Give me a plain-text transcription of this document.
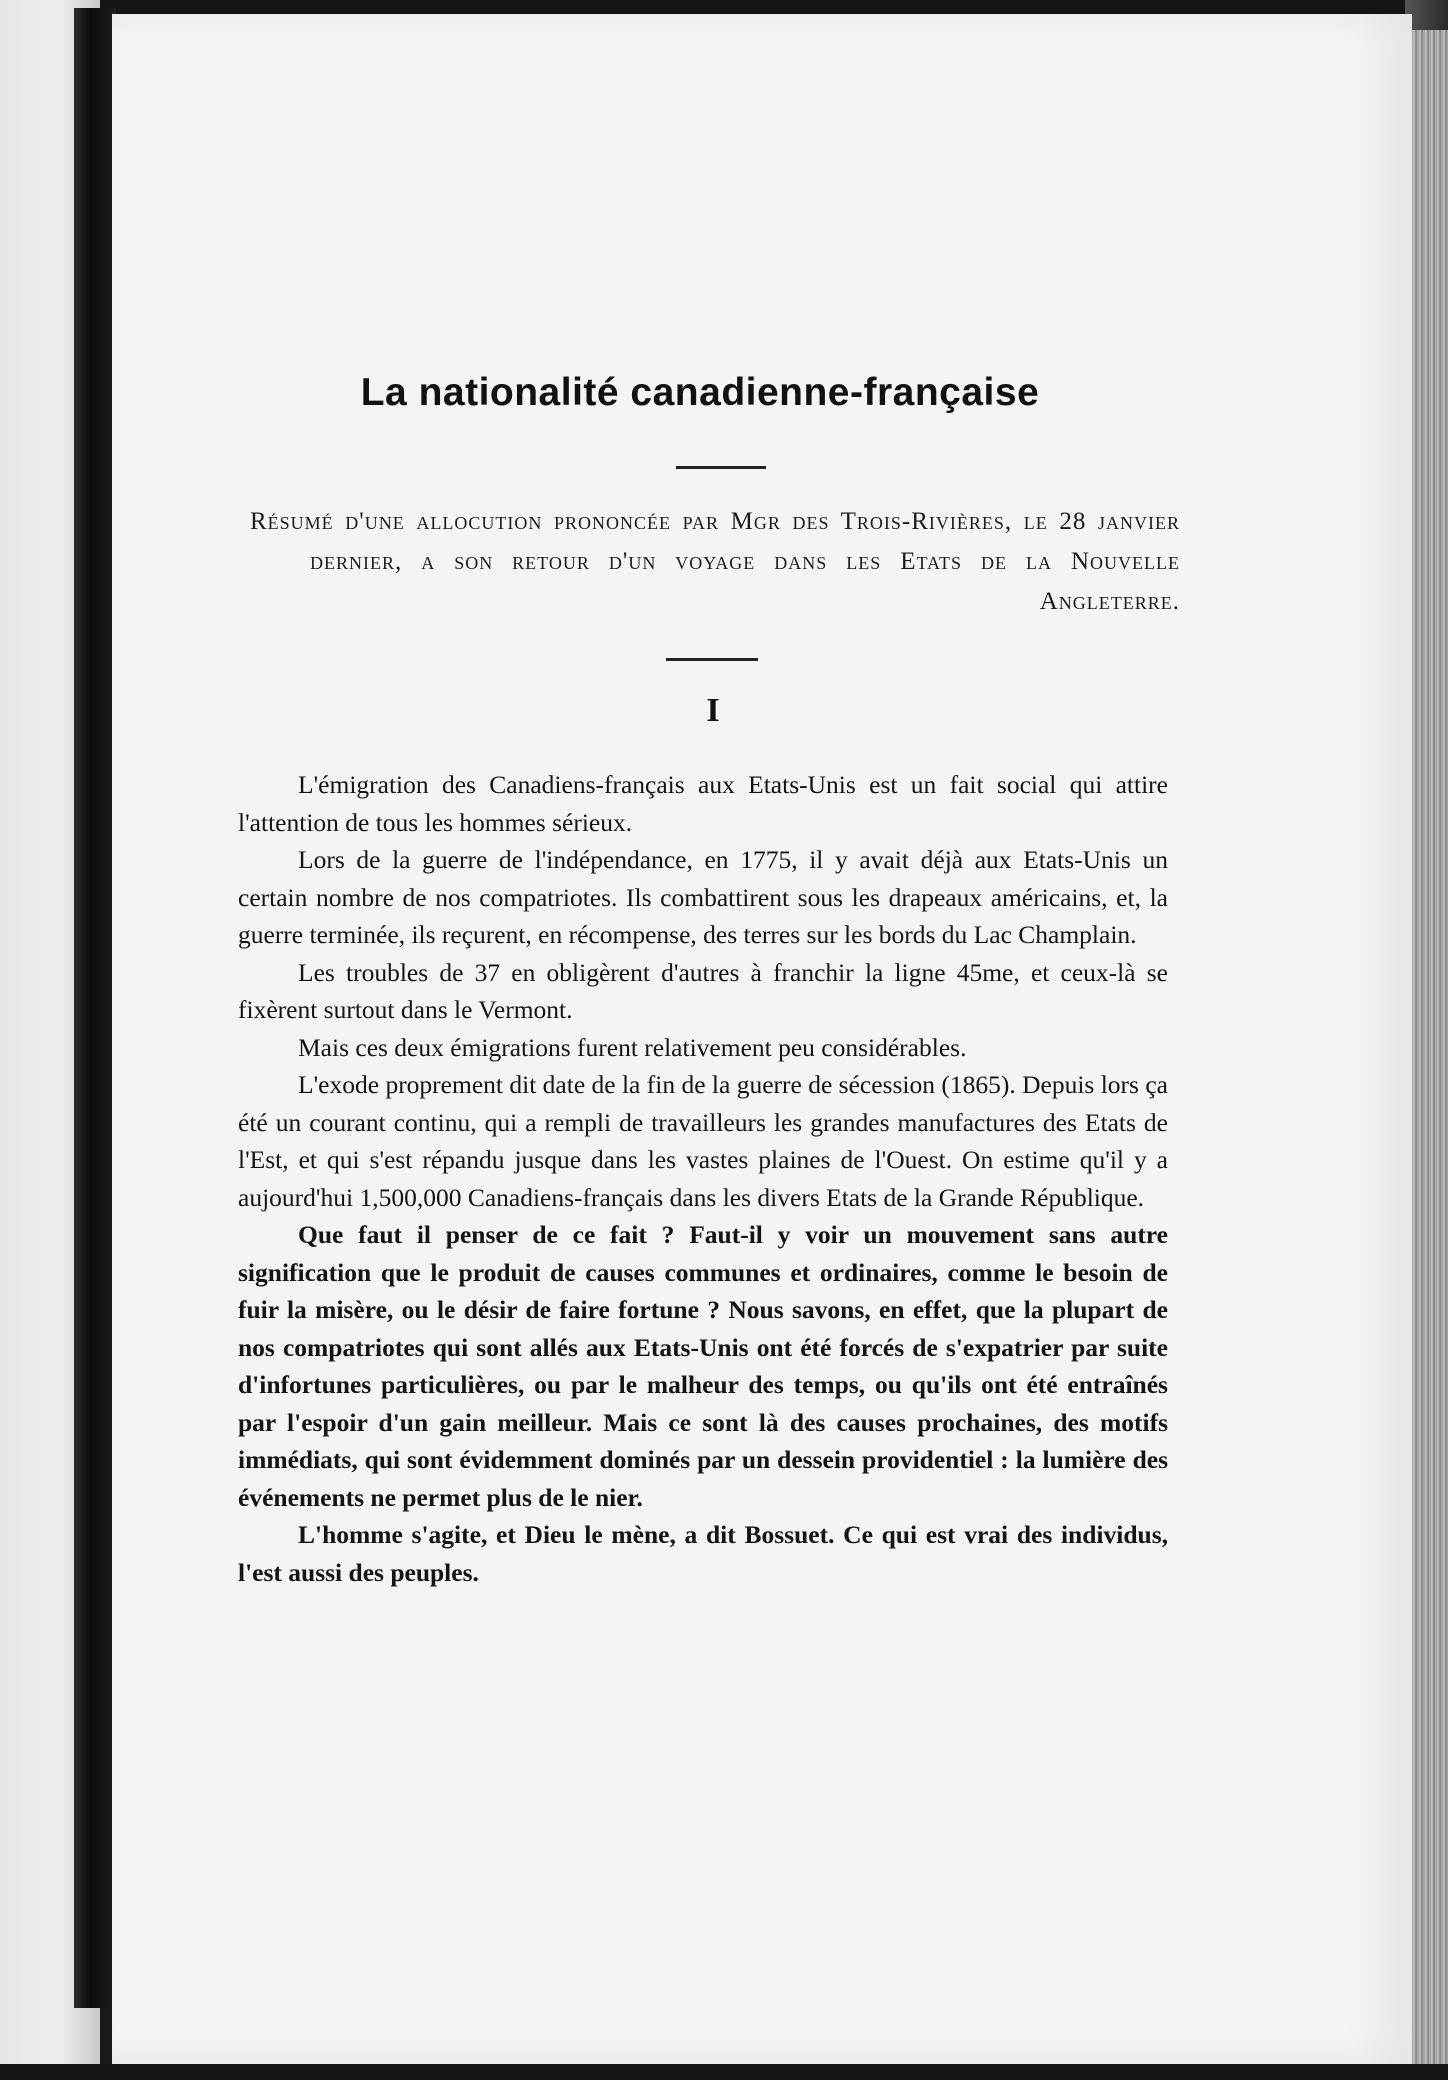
La nationalité canadienne-française

Résumé d'une allocution prononcée par Mgr des Trois-Rivières, le 28 janvier dernier, a son retour d'un voyage dans les Etats de la Nouvelle Angleterre.

I

L'émigration des Canadiens-français aux Etats-Unis est un fait social qui attire l'attention de tous les hommes sérieux.

Lors de la guerre de l'indépendance, en 1775, il y avait déjà aux Etats-Unis un certain nombre de nos compatriotes. Ils combattirent sous les drapeaux américains, et, la guerre terminée, ils reçurent, en récompense, des terres sur les bords du Lac Champlain.

Les troubles de 37 en obligèrent d'autres à franchir la ligne 45me, et ceux-là se fixèrent surtout dans le Vermont.

Mais ces deux émigrations furent relativement peu considérables.

L'exode proprement dit date de la fin de la guerre de sécession (1865). Depuis lors ça été un courant continu, qui a rempli de travailleurs les grandes manufactures des Etats de l'Est, et qui s'est répandu jusque dans les vastes plaines de l'Ouest. On estime qu'il y a aujourd'hui 1,500,000 Canadiens-français dans les divers Etats de la Grande République.

Que faut il penser de ce fait ? Faut-il y voir un mouvement sans autre signification que le produit de causes communes et ordinaires, comme le besoin de fuir la misère, ou le désir de faire fortune ? Nous savons, en effet, que la plupart de nos compatriotes qui sont allés aux Etats-Unis ont été forcés de s'expatrier par suite d'infortunes particulières, ou par le malheur des temps, ou qu'ils ont été entraînés par l'espoir d'un gain meilleur. Mais ce sont là des causes prochaines, des motifs immédiats, qui sont évidemment dominés par un dessein providentiel : la lumière des événements ne permet plus de le nier.

L'homme s'agite, et Dieu le mène, a dit Bossuet. Ce qui est vrai des individus, l'est aussi des peuples.
